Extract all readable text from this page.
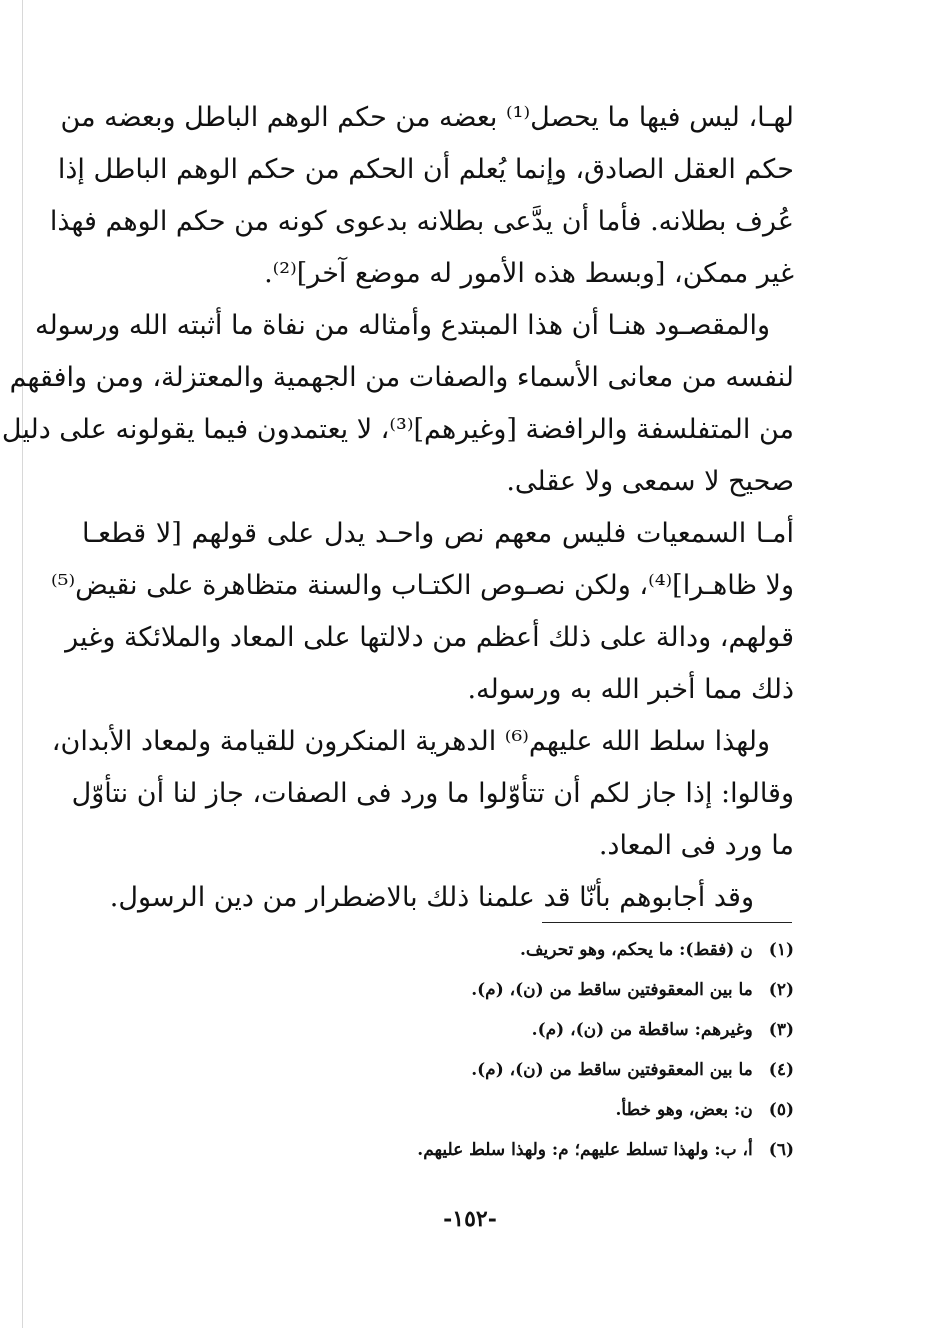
لهـا، ليس فيها ما يحصل⁽¹⁾ بعضه من حكم الوهم الباطل وبعضه من
حكم العقل الصادق، وإنما يُعلم أن الحكم من حكم الوهم الباطل إذا
عُرف بطلانه. فأما أن يدَّعى بطلانه بدعوى كونه من حكم الوهم فهذا
غير ممكن، [وبسط هذه الأمور له موضع آخر]⁽²⁾.
والمقصـود هنـا أن هذا المبتدع وأمثاله من نفاة ما أثبته الله ورسوله
لنفسه من معانى الأسماء والصفات من الجهمية والمعتزلة، ومن وافقهم
من المتفلسفة والرافضة [وغيرهم]⁽³⁾، لا يعتمدون فيما يقولونه على دليل
صحيح لا سمعى ولا عقلى.
أمـا السمعيات فليس معهم نص واحـد يدل على قولهم [لا قطعـا
ولا ظاهـرا]⁽⁴⁾، ولكن نصـوص الكتـاب والسنة متظاهرة على نقيض⁽⁵⁾
قولهم، ودالة على ذلك أعظم من دلالتها على المعاد والملائكة وغير
ذلك مما أخبر الله به ورسوله.
ولهذا سلط الله عليهم⁽⁶⁾ الدهرية المنكرون للقيامة ولمعاد الأبدان،
وقالوا: إذا جاز لكم أن تتأوّلوا ما ورد فى الصفات، جاز لنا أن نتأوّل
ما ورد فى المعاد.
وقد أجابوهم بأنّا قد علمنا ذلك بالاضطرار من دين الرسول.
(١)ن (فقط): ما يحكم، وهو تحريف.
(٢)ما بين المعقوفتين ساقط من (ن)، (م).
(٣)وغيرهم: ساقطة من (ن)، (م).
(٤)ما بين المعقوفتين ساقط من (ن)، (م).
(٥)ن: بعض، وهو خطأ.
(٦)أ، ب: ولهذا تسلط عليهم؛ م: ولهذا سلط عليهم.
-١٥٢-
